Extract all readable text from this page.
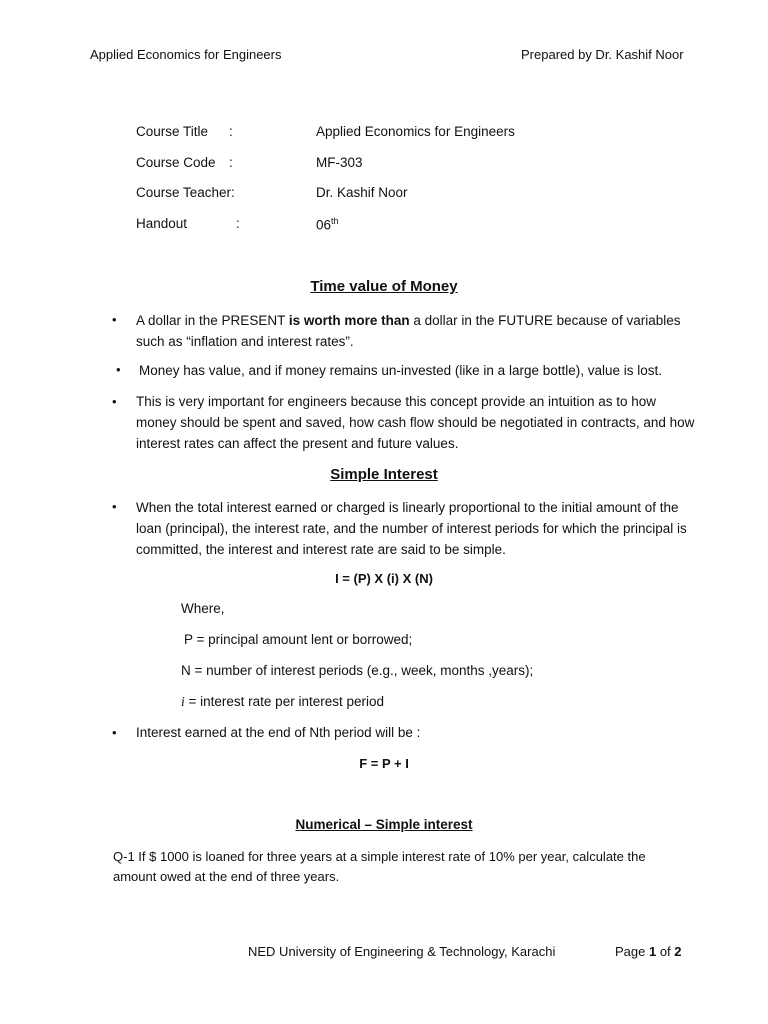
Applied Economics for Engineers	Prepared by Dr. Kashif Noor
Course Title :	Applied Economics for Engineers
Course Code :	MF-303
Course Teacher:	Dr. Kashif Noor
Handout	:	06th
Time value of Money
• A dollar in the PRESENT is worth more than a dollar in the FUTURE because of variables such as “inflation and interest rates”.
• Money has value, and if money remains un-invested (like in a large bottle), value is lost.
• This is very important for engineers because this concept provide an intuition as to how money should be spent and saved, how cash flow should be negotiated in contracts, and how interest rates can affect the present and future values.
Simple Interest
• When the total interest earned or charged is linearly proportional to the initial amount of the loan (principal), the interest rate, and the number of interest periods for which the principal is committed, the interest and interest rate are said to be simple.
I = (P) X (i) X (N)
Where,
P = principal amount lent or borrowed;
N = number of interest periods (e.g., week, months ,years);
i = interest rate per interest period
• Interest earned at the end of Nth period will be :
F = P + I
Numerical – Simple interest
Q-1 If $ 1000 is loaned for three years at a simple interest rate of 10% per year, calculate the amount owed at the end of three years.
NED University of Engineering & Technology, Karachi	Page 1 of 2
